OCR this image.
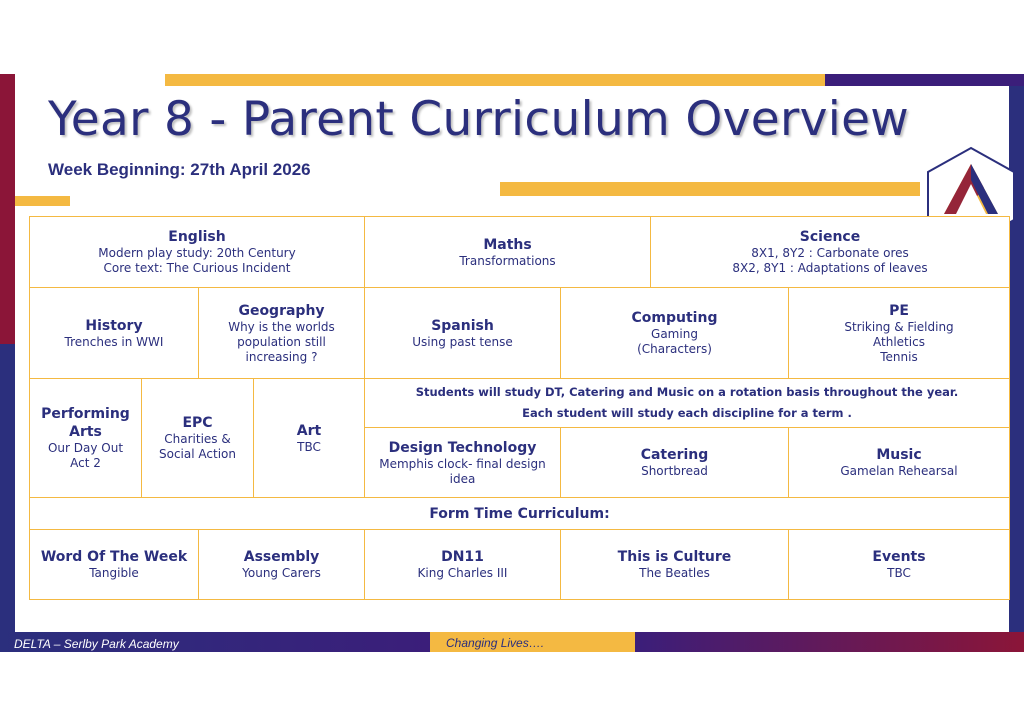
Year 8 - Parent Curriculum Overview
Week Beginning: 27th April 2026
English
Modern play study: 20th Century
Core text: The Curious Incident
Maths
Transformations
Science
8X1, 8Y2 : Carbonate ores
8X2, 8Y1 : Adaptations of leaves
History
Trenches in WWI
Geography
Why is the worlds
population still
increasing ?
Spanish
Using past tense
Computing
Gaming
(Characters)
PE
Striking & Fielding
Athletics
Tennis
Performing
Arts
Our Day Out
Act 2
EPC
Charities &
Social Action
Art
TBC
Students will study DT, Catering and Music on a rotation basis throughout the year.
Each student will study each discipline for a term .
Design Technology
Memphis clock- final design
idea
Catering
Shortbread
Music
Gamelan Rehearsal
Form Time Curriculum:
Word Of The Week
Tangible
Assembly
Young Carers
DN11
King Charles III
This is Culture
The Beatles
Events
TBC
DELTA – Serlby Park Academy	Changing Lives….
